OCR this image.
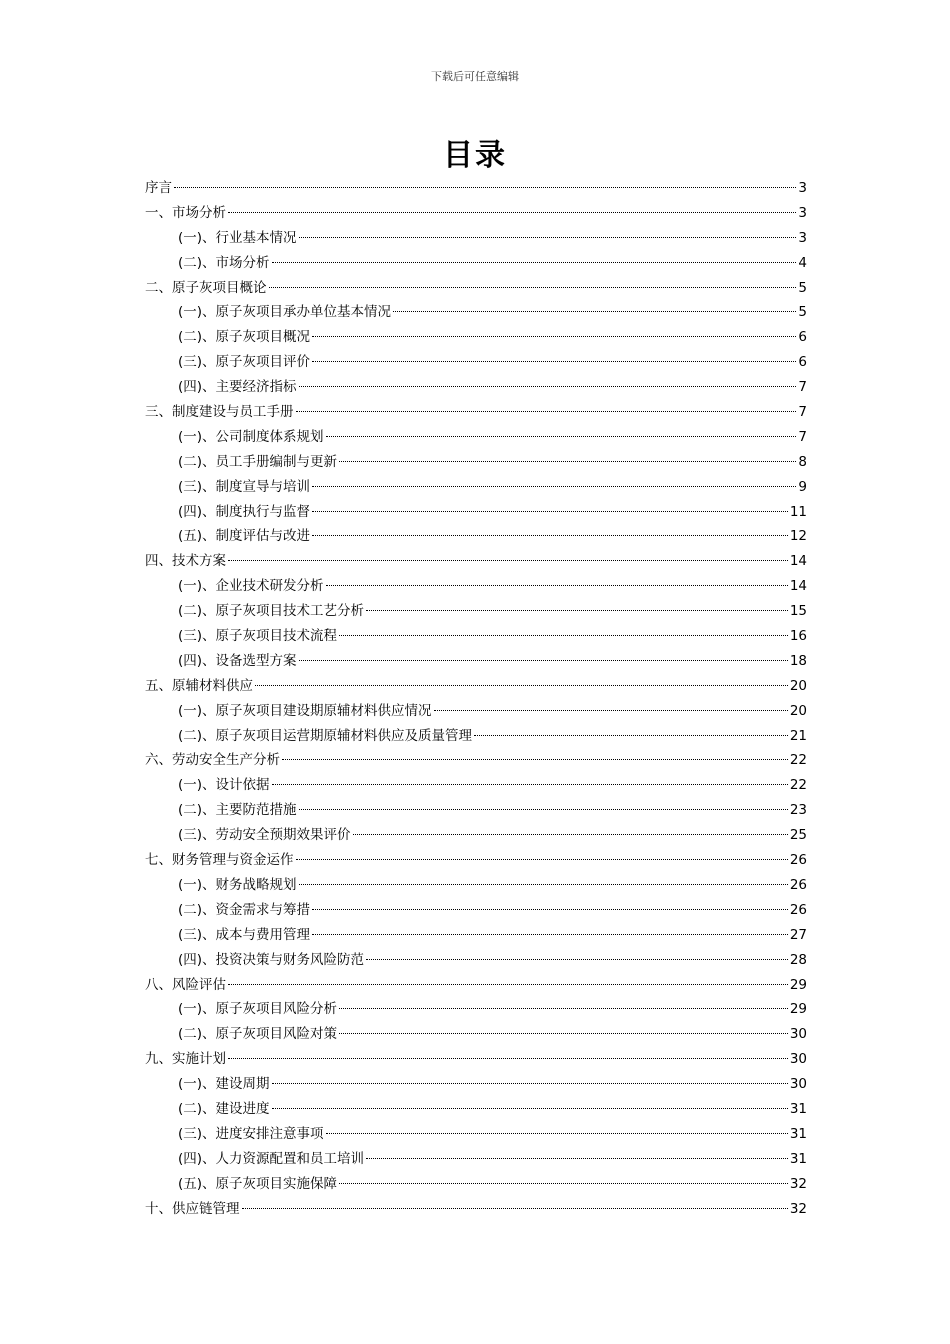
下载后可任意编辑
目录
序言	3
一、市场分析	3
(一)、行业基本情况	3
(二)、市场分析	4
二、原子灰项目概论	5
(一)、原子灰项目承办单位基本情况	5
(二)、原子灰项目概况	6
(三)、原子灰项目评价	6
(四)、主要经济指标	7
三、制度建设与员工手册	7
(一)、公司制度体系规划	7
(二)、员工手册编制与更新	8
(三)、制度宣导与培训	9
(四)、制度执行与监督	11
(五)、制度评估与改进	12
四、技术方案	14
(一)、企业技术研发分析	14
(二)、原子灰项目技术工艺分析	15
(三)、原子灰项目技术流程	16
(四)、设备选型方案	18
五、原辅材料供应	20
(一)、原子灰项目建设期原辅材料供应情况	20
(二)、原子灰项目运营期原辅材料供应及质量管理	21
六、劳动安全生产分析	22
(一)、设计依据	22
(二)、主要防范措施	23
(三)、劳动安全预期效果评价	25
七、财务管理与资金运作	26
(一)、财务战略规划	26
(二)、资金需求与筹措	26
(三)、成本与费用管理	27
(四)、投资决策与财务风险防范	28
八、风险评估	29
(一)、原子灰项目风险分析	29
(二)、原子灰项目风险对策	30
九、实施计划	30
(一)、建设周期	30
(二)、建设进度	31
(三)、进度安排注意事项	31
(四)、人力资源配置和员工培训	31
(五)、原子灰项目实施保障	32
十、供应链管理	32
